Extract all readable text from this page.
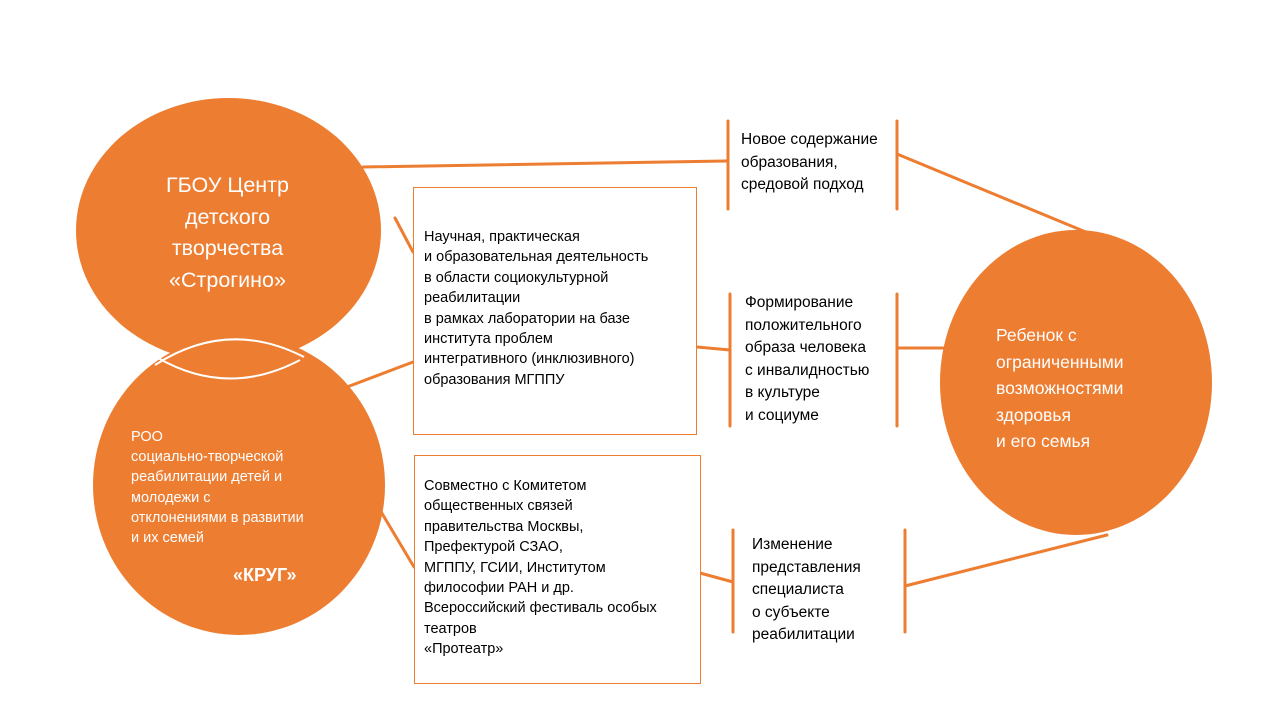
ГБОУ Центр
детского
творчества
«Строгино»
РОО
социально-творческой
реабилитации детей и
молодежи с
отклонениями в развитии
и их семей
«КРУГ»
Ребенок с
ограниченными
возможностями
здоровья
и его семья
Научная, практическая
и образовательная деятельность
в области социокультурной
реабилитации
в рамках лаборатории на базе
института проблем
интегративного (инклюзивного)
образования МГППУ
Совместно с Комитетом
общественных связей
правительства Москвы,
Префектурой СЗАО,
МГППУ, ГСИИ, Институтом
философии РАН и др.
Всероссийский фестиваль особых
театров
«Протеатр»
Новое содержание
образования,
средовой подход
Формирование
положительного
образа человека
с инвалидностью
в культуре
и социуме
Изменение
представления
специалиста
о субъекте
реабилитации
